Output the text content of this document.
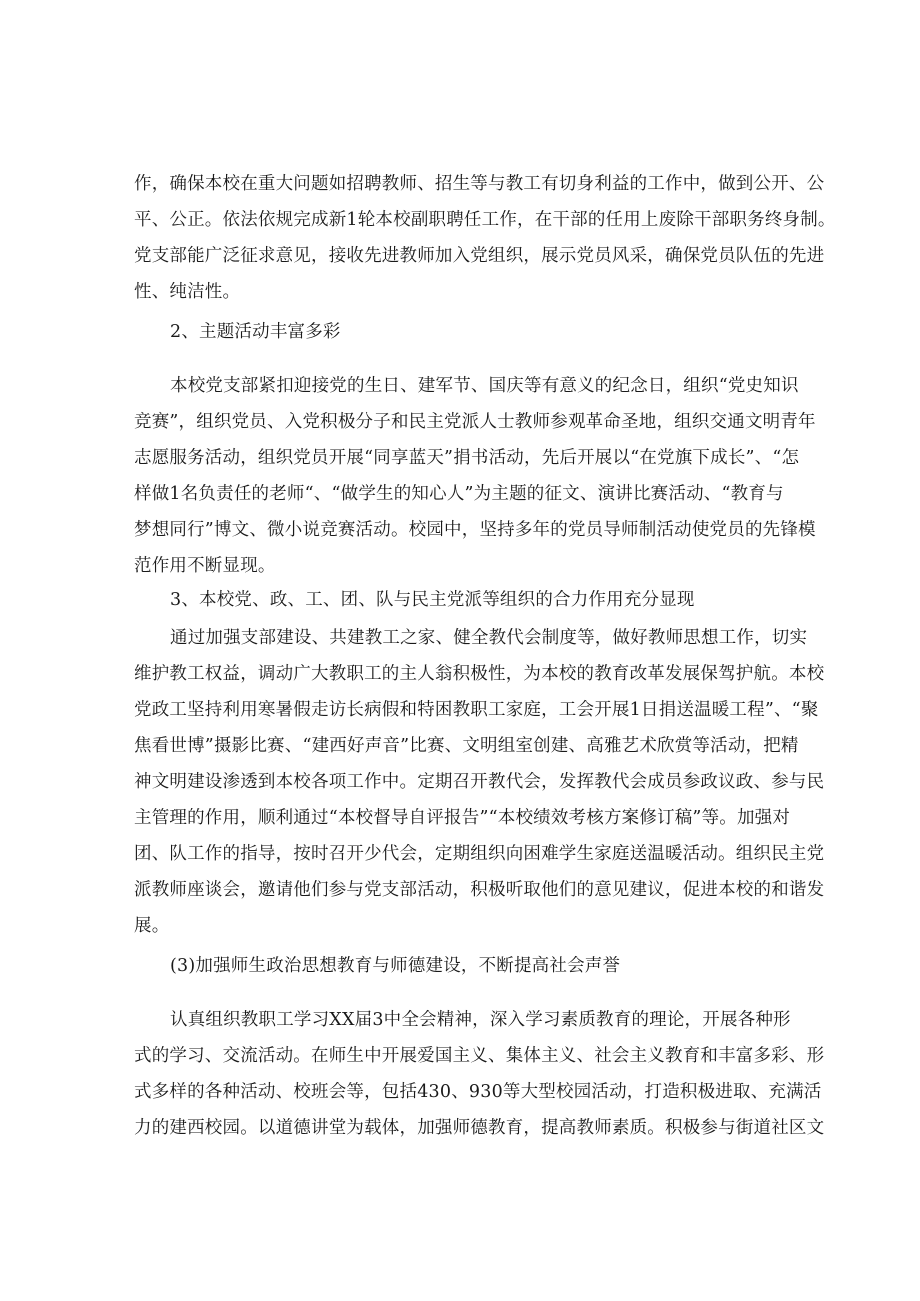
作，确保本校在重大问题如招聘教师、招生等与教工有切身利益的工作中，做到公开、公
平、公正。依法依规完成新1轮本校副职聘任工作，在干部的任用上废除干部职务终身制。
党支部能广泛征求意见，接收先进教师加入党组织，展示党员风采，确保党员队伍的先进
性、纯洁性。
2、主题活动丰富多彩
本校党支部紧扣迎接党的生日、建军节、国庆等有意义的纪念日，组织“党史知识
竞赛”，组织党员、入党积极分子和民主党派人士教师参观革命圣地，组织交通文明青年
志愿服务活动，组织党员开展“同享蓝天”捐书活动，先后开展以“在党旗下成长”、“怎
样做1名负责任的老师“、“做学生的知心人”为主题的征文、演讲比赛活动、“教育与
梦想同行”博文、微小说竞赛活动。校园中，坚持多年的党员导师制活动使党员的先锋模
范作用不断显现。
3、本校党、政、工、团、队与民主党派等组织的合力作用充分显现
通过加强支部建设、共建教工之家、健全教代会制度等，做好教师思想工作，切实
维护教工权益，调动广大教职工的主人翁积极性，为本校的教育改革发展保驾护航。本校
党政工坚持利用寒暑假走访长病假和特困教职工家庭，工会开展1日捐送温暖工程”、“聚
焦看世博”摄影比赛、“建西好声音”比赛、文明组室创建、高雅艺术欣赏等活动，把精
神文明建设渗透到本校各项工作中。定期召开教代会，发挥教代会成员参政议政、参与民
主管理的作用，顺利通过“本校督导自评报告”“本校绩效考核方案修订稿”等。加强对
团、队工作的指导，按时召开少代会，定期组织向困难学生家庭送温暖活动。组织民主党
派教师座谈会，邀请他们参与党支部活动，积极听取他们的意见建议，促进本校的和谐发
展。
(3)加强师生政治思想教育与师德建设，不断提高社会声誉
认真组织教职工学习XX届3中全会精神，深入学习素质教育的理论，开展各种形
式的学习、交流活动。在师生中开展爱国主义、集体主义、社会主义教育和丰富多彩、形
式多样的各种活动、校班会等，包括430、930等大型校园活动，打造积极进取、充满活
力的建西校园。以道德讲堂为载体，加强师德教育，提高教师素质。积极参与街道社区文
